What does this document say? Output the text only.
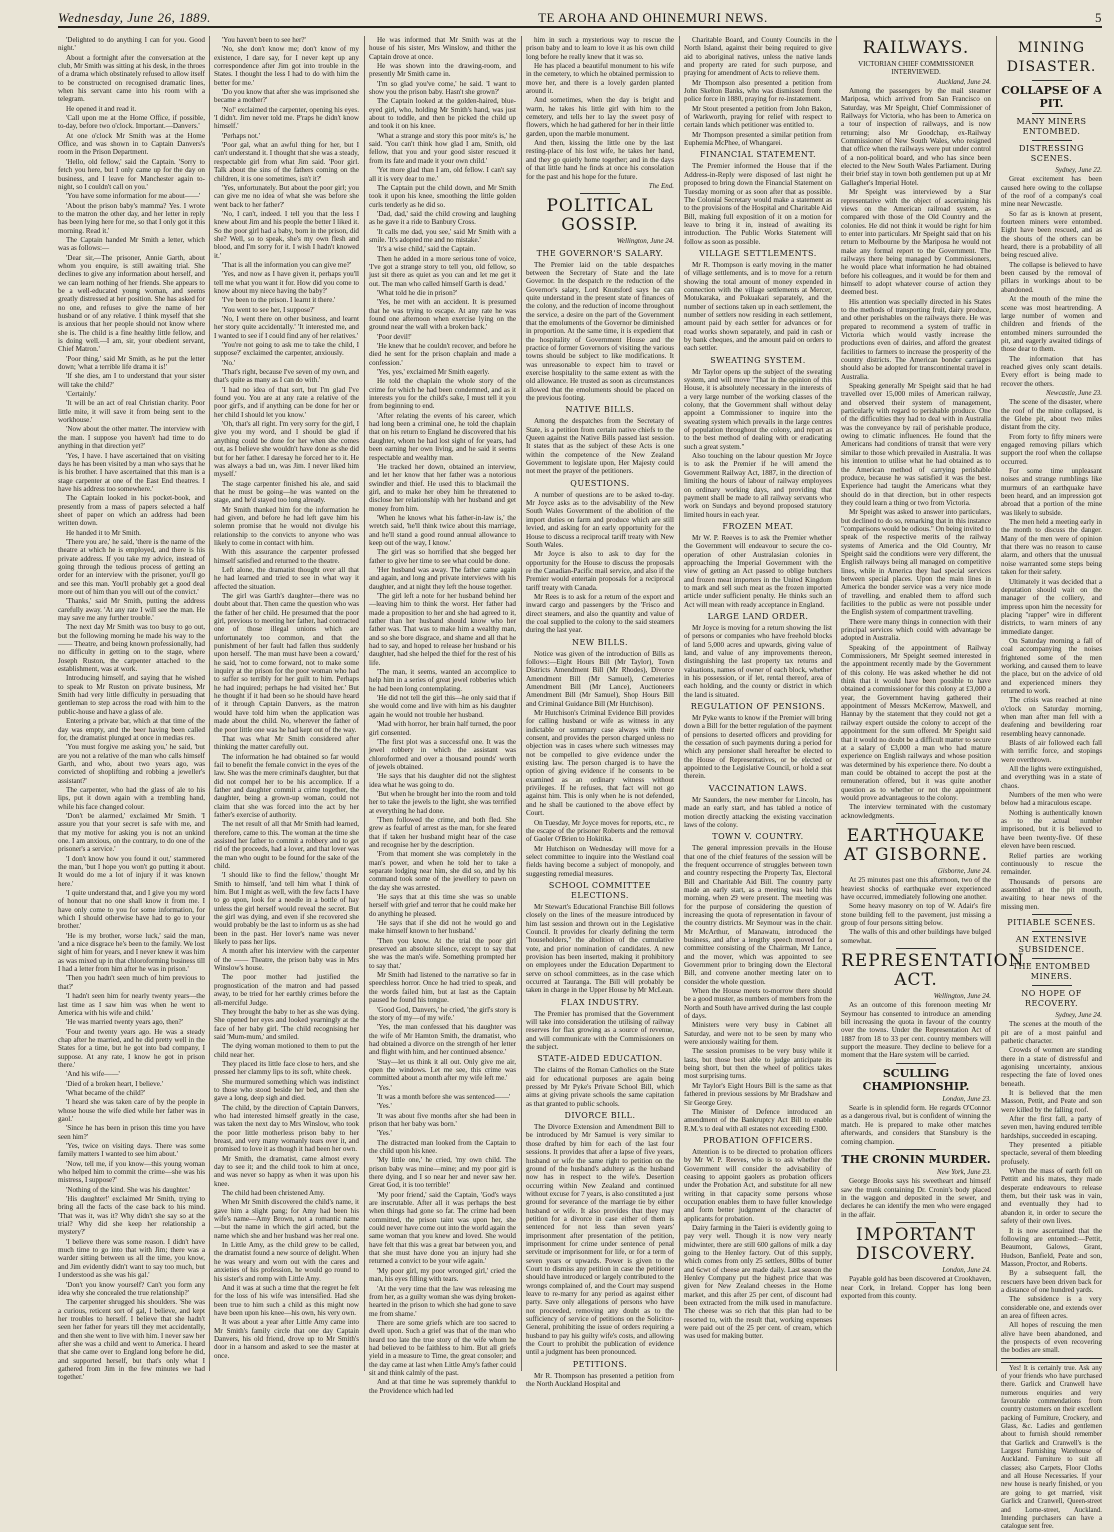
Wednesday, June 26, 1889.	TE AROHA AND OHINEMURI NEWS.	5

'Delighted to do anything I can for you. Good night.'

About a fortnight after the conversation at the club, Mr Smith was sitting at his desk, in the throes of a drama which obstinately refused to allow itself to be constructed on recognised dramatic lines, when his servant came into his room with a telegram.

He opened it and read it.

'Call upon me at the Home Office, if possible, to-day, before two o'clock. Important.—Danvers.'

At one o'clock Mr Smith was at the Home Office, and was shown in to Captain Danvers's room in the Prison Department.

'Hello, old fellow,' said the Captain. 'Sorry to fetch you here, but I only came up for the day on business, and I leave for Manchester again to-night, so I couldn't call on you.'

'You have some information for me about——'

'About the prison baby's mamma? Yes. I wrote to the matron the other day, and her letter in reply has been lying here for me, so that I only got it this morning. Read it.'

The Captain handed Mr Smith a letter, which was as follows:—

'Dear sir,—The prisoner, Annie Garth, about whom you enquire, is still awaiting trial. She declines to give any information about herself, and we can learn nothing of her friends. She appears to be a well-educated young woman, and seems greatly distressed at her position. She has asked for no one, and refuses to give the name of her husband or of any relative. I think myself that she is anxious that her people should not know where she is. The child is a fine healthy little fellow, and is doing well.—I am, sir, your obedient servant, Chief Matron.'

'Poor thing,' said Mr Smith, as he put the letter down; 'what a terrible life drama it is!'

'If she dies, am I to understand that your sister will take the child?'

'Certainly.'

'It will be an act of real Christian charity. Poor little mite, it will save it from being sent to the workhouse.'

'Now about the other matter. The interview with the man. I suppose you haven't had time to do anything in that direction yet?'

'Yes, I have. I have ascertained that on visiting days he has been visited by a man who says that he is his brother. I have ascertained that this man is a stage carpenter at one of the East End theatres. I have his address too somewhere.'

The Captain looked in his pocket-book, and presently from a mass of papers selected a half sheet of paper on which an address had been written down.

He handed it to Mr Smith.

'There you are,' he said, 'there is the name of the theatre at which he is employed, and there is his private address. If you take my advice, instead of going through the tedious process of getting an order for an interview with the prisoner, you'll go and see this man. You'll probably get a good deal more out of him than you will out of the convict.'

'Thanks,' said Mr Smith, putting the address carefully away. 'At any rate I will see the man. He may save me any further trouble.'

The next day Mr Smith was too busy to go out, but the following morning he made his way to the —— Theatre, and being known professionally, had no difficulty in getting on to the stage, where Joseph Ruston, the carpenter attached to the establishment, was at work.

Introducing himself, and saying that he wished to speak to Mr Ruston on private business, Mr Smith had very little difficulty in persuading that gentleman to step across the road with him to the public-house and have a glass of ale.

Entering a private bar, which at that time of the day was empty, and the beer having been called for, the dramatist plunged at once in medias res.

'You must forgive me asking you,' he said, 'but are you not a relative of the man who calls himself Garth, and who, about two years ago, was convicted of shoplifting and robbing a jeweller's assistant?'

The carpenter, who had the glass of ale to his lips, put it down again with a trembling hand, while his face changed colour.

'Don't be alarmed,' exclaimed Mr Smith. 'I assure you that your secret is safe with me, and that my motive for asking you is not an unkind one. I am anxious, on the contrary, to do one of the prisoner's a service.'

'I don't know how you found it out,' stammered the man, 'but I hope you won't go putting it about. It would do me a lot of injury if it was known here.'

'I quite understand that, and I give you my word of honour that no one shall know it from me. I have only come to you for some information, for which I should otherwise have had to go to your brother.'

'He is my brother, worse luck,' said the man, 'and a nice disgrace he's been to the family. We lost sight of him for years, and I never knew it was him as was mixed up in that chloroforming business till I had a letter from him after he was in prison.'

'Then you hadn't seen much of him previous to that?'

'I hadn't seen him for nearly twenty years—the last time as I saw him was when he went to America with his wife and child.'

'He was married twenty years ago, then?'

'Four and twenty years ago. He was a steady chap after he married, and he did pretty well in the States for a time, but he got into bad company, I suppose. At any rate, I know he got in prison there.'

'And his wife——'

'Died of a broken heart, I believe.'

'What became of the child?'

'I heard she was taken care of by the people in whose house the wife died while her father was in gaol.'

'Since he has been in prison this time you have seen him?'

'Yes, twice on visiting days. There was some family matters I wanted to see him about.'

'Now, tell me, if you know—this young woman who helped him to commit the crime—she was his mistress, I suppose?'

'Nothing of the kind. She was his daughter.'

'His daughter!' exclaimed Mr Smith, trying to bring all the facts of the case back to his mind. 'That was it, was it? Why didn't she say so at the trial? Why did she keep her relationship a mystery?'

'I believe there was some reason. I didn't have much time to go into that with Jim; there was a warder sitting between us all the time, you know, and Jim evidently didn't want to say too much, but I understood as she was his gal.'

'Don't you know yourself? Can't you form any idea why she concealed the true relationship?'

The carpenter shrugged his shoulders. 'She was a curious, reticent sort of gal, I believe, and kept her troubles to herself. I believe that she hadn't seen her father for years till they met accidentally, and then she went to live with him. I never saw her after she was a child and went to America. I heard that she came over to England long before he did, and supported herself, but that's only what I gathered from Jim in the few minutes we had together.'

'You haven't been to see her?'

'No, she don't know me; don't know of my existence, I dare say, for I never kept up any correspondence after Jim got into trouble in the States. I thought the less I had to do with him the better for me.'

'Do you know that after she was imprisoned she became a mother?'

'No!' exclaimed the carpenter, opening his eyes. 'I didn't. Jim never told me. P'raps he didn't know himself.'

'Perhaps not.'

'Poor gal, what an awful thing for her, but I can't understand it. I thought that she was a steady, respectable girl from what Jim said. 'Poor girl. Talk about the sins of the fathers coming on the children, it is one sometimes, isn't it?'

'Yes, unfortunately. But about the poor girl; you can give me no idea of what she was before she went back to her father?'

'No, I can't, indeed. I tell you that the less I knew about Jim and his people the better I liked it. So the poor girl had a baby, born in the prison, did she? Well, so to speak, she's my own flesh and blood, and I'm sorry for it. I wish I hadn't knowed it.'

'That is all the information you can give me?'

'Yes, and now as I have given it, perhaps you'll tell me what you want it for. How did you come to know about my niece having the baby?'

'I've been to the prison. I learnt it there.'

'You went to see her, I suppose?'

'No, I went there on other business, and learnt her story quite accidentally.' 'It interested me, and I wanted to see if I could find any of her relatives.'

'You're not going to ask me to take the child, I suppose?' exclaimed the carpenter, anxiously.

'No.'

'That's right, because I've seven of my own, and that's quite as many as I can do with.'

'I had no idea of that sort, but I'm glad I've found you. You are at any rate a relative of the poor girl's, and if anything can be done for her or her child I should let you know.'

'Oh, that's all right. I'm very sorry for the girl, I give you my word, and I should be glad if anything could be done for her when she comes out, as I believe she wouldn't have done as she did but for her father. I daresay he forced her to it. He was always a bad un, was Jim. I never liked him myself.'

The stage carpenter finished his ale, and said that he must be going—he was wanted on the stage, and he'd stayed too long already.

Mr Smith thanked him for the information he had given, and before he had left gave him his solemn promise that he would not divulge his relationship to the convicts to anyone who was likely to come in contact with him.

With this assurance the carpenter professed himself satisfied and returned to the theatre.

Left alone, the dramatist thought over all that he had learned and tried to see in what way it affected the situation.

The girl was Garth's daughter—there was no doubt about that. Then came the question who was the father of her child. He presumed that the poor girl, previous to meeting her father, had contracted one of those illegal unions which are unfortunately too common, and that the punishment of her fault had fallen thus suddenly upon herself. 'The man must have been a coward,' he said, 'not to come forward, not to make some inquiry at the prison for the poor woman who had to suffer so terribly for her guilt to him. Perhaps he had inquired; perhaps he had visited her.' But he thought if it had been so he should have heard of it through Captain Danvers, as the matron would have told him when the application was made about the child. No, wherever the father of the poor little one was he had kept out of the way.

That was what Mr Smith considered after thinking the matter carefully out.

The information he had obtained so far would fail to benefit the female convict in the eyes of the law. She was the mere criminal's daughter, but that did not compel her to be his accomplice. If a father and daughter commit a crime together, the daughter, being a grown-up woman, could not claim that she was forced into the act by her father's exercise of authority.

The net result of all that Mr Smith had learned, therefore, came to this. The woman at the time she assisted her father to commit a robbery and to get rid of the proceeds, had a lover, and that lover was the man who ought to be found for the sake of the child.

'I should like to find the fellow,' thought Mr Smith to himself, 'and tell him what I think of him. But I might as well, with the few facts I have to go upon, look for a needle in a bottle of hay unless the girl herself would reveal the secret. But the girl was dying, and even if she recovered she would probably be the last to inform us as she had been in the past. Her lover's name was never likely to pass her lips.

A month after his interview with the carpenter of the —— Theatre, the prison baby was in Mrs Winslow's house.

The poor mother had justified the prognostication of the matron and had passed away, to be tried for her earthly crimes before the all-merciful Judge.

They brought the baby to her as she was dying. She opened her eyes and looked yearningly at the face of her baby girl. 'The child recognising her said 'Mum-mum,' and smiled.

The dying woman motioned to them to put the child near her.

They placed its little face close to hers, and she pressed her clammy lips to its soft, white cheek.

She murmured something which was indistinct to those who stood beside her bed, and then she gave a long, deep sigh and died.

The child, by the direction of Captain Danvers, who had interested himself greatly in the case, was taken the next day to Mrs Winslow, who took the poor little motherless prison baby to her breast, and very many womanly tears over it, and promised to love it as though it had been her own.

Mr Smith, the dramatist, came almost every day to see it; and the child took to him at once, and was never so happy as when it was upon his knee.

The child had been christened Amy.

When Mr Smith discovered the child's name, it gave him a slight pang; for Amy had been his wife's name—Amy Brown, not a romantic name—but the name in which the girl acted, but the name which she and her husband was her real one.

In Little Amy, as the child grew to be called, the dramatist found a new source of delight. When he was weary and worn out with the cares and anxieties of his profession, he would go round to his sister's and romp with Little Amy.

And it was at such a time that the regret he felt for the loss of his wife was intensified. Had she been true to him such a child as this might now have been upon his knee—his own, his very own.

It was about a year after Little Amy came into Mr Smith's family circle that one day Captain Danvers, his old friend, drove up to Mr Smith's door in a hansom and asked to see the master at once.

He was informed that Mr Smith was at the house of his sister, Mrs Winslow, and thither the Captain drove at once.

He was shown into the drawing-room, and presently Mr Smith came in.

'I'm so glad you've come,' he said. 'I want to show you the prison baby. Hasn't she grown?'

The Captain looked at the golden-haired, blue-eyed girl, who, holding Mr Smith's hand, was just about to toddle, and then he picked the child up and took it on his knee.

'What a strange and story this poor mite's is,' he said. 'You can't think how glad I am, Smith, old fellow, that you and your good sister rescued it from its fate and made it your own child.'

'Yet more glad than I am, old fellow. I can't say all it is very dear to me.'

The Captain put the child down, and Mr Smith took it upon his knee, smoothing the little golden curls tenderly as he did so.

'Dad, dad,' said the child crowing and laughing as he gave it a ride to Banbury Cross.

'It calls me dad, you see,' said Mr Smith with a smile. 'It's adopted me and no mistake.'

'It's a wise child,' said the Captain.

Then he added in a more serious tone of voice, 'I've got a strange story to tell you, old fellow, so just sit there as quiet as you can and let me get it out. The man who called himself Garth is dead.'

'What told he die in prison?'

'Yes, he met with an accident. It is presumed that he was trying to escape. At any rate he was found one afternoon when exercise lying on the ground near the wall with a broken back.'

'Poor devil!'

'He knew that he couldn't recover, and before he died he sent for the prison chaplain and made a confession.'

'Yes, yes,' exclaimed Mr Smith eagerly.

He told the chaplain the whole story of the crime for which he had been condemned, and as it interests you for the child's sake, I must tell it you from beginning to end.

'After relating the events of his career, which had long been a criminal one, he told the chaplain that on his return to England he discovered that his daughter, whom he had lost sight of for years, had been earning her own living, and he said it seems respectable and wealthy man.

'He tracked her down, obtained an interview, and let her know that her father was a notorious swindler and thief. He used this to blackmail the girl, and to make her obey him he threatened to disclose her relationship with her husband and get money from him.

'When he knows what his father-in-law is,' the wretch said, 'he'll think twice about this marriage, and he'll stand a good round annual allowance to keep out of the way, I know.'

The girl was so horrified that she begged her father to give her time to see what could be done.

'Her husband was away. The father came again and again, and long and private interviews with his daughter, and at night they left the house together.

'The girl left a note for her husband behind her—leaving him to think the worst. Her father had made a proposition to her and she had agreed to it, rather than her husband should know who her father was. That was to make him a wealthy man, and so she bore disgrace, and shame and all that he had to say, and hoped to release her husband or his daughter, had she helped the thief for the rest of his life.

'The man, it seems, wanted an accomplice to help him in a series of great jewel robberies which he had been long contemplating.

'He did not tell the girl this—he only said that if she would come and live with him as his daughter again he would not trouble her husband.

'Mad with horror, her brain half turned, the poor girl consented.

'The first plot was a successful one. It was the jewel robbery in which the assistant was chloroformed and over a thousand pounds' worth of jewels obtained.

'He says that his daughter did not the slightest idea what he was going to do.

'But when he brought her into the room and told her to take the jewels to the light, she was terrified at everything he had done.

'Then followed the crime, and both fled. She grew as fearful of arrest as the man, for she feared that if taken her husband might hear of the case and recognise her by the description.

'From that moment she was completely in the man's power, and when he told her to take a separate lodging near him, she did so, and by his command took some of the jewellery to pawn on the day she was arrested.

'He says that at this time she was so unable herself with grief and terror that he could make her do anything he pleased.

'He says that if she did not he would go and make himself known to her husband.'

'Then you know. At the trial the poor girl preserved an absolute silence, except to say that she was the man's wife. Something prompted her to say that.'

Mr Smith had listened to the narrative so far in speechless horror. Once he had tried to speak, and the words failed him, but at last as the Captain paused he found his tongue.

'Good God, Danvers,' he cried, 'the girl's story is the story of my—of my wife.'

'Yes, the man confessed that his daughter was the wife of Mr Hamton Smith, the dramatist, who had obtained a divorce on the strength of her letter and flight with him, and her continued absence.'

'Stay—let us think it all out. Only give me air, open the windows. Let me see, this crime was committed about a month after my wife left me.'

'Yes.'

'It was a month before she was sentenced——'

'Yes.'

'It was about five months after she had been in prison that her baby was born.'

'Yes.'

The distracted man looked from the Captain to the child upon his knee.

'My little one,' he cried, 'my own child. The prison baby was mine—mine; and my poor girl is there dying, and I so near her and never saw her. Great God, it is too terrible!'

'My poor friend,' said the Captain, 'God's ways are inscrutable. After all it was perhaps the best when things had gone so far. The crime had been committed, the prison taint was upon her, she could never have come out into the world again the same woman that you knew and loved. She would have felt that this was a great bar between you, and that she must have done you an injury had she returned a convict to be your wife again.'

'My poor girl, my poor wronged girl,' cried the man, his eyes filling with tears.

'At the very time that the law was releasing me from her, as a guilty woman she was dying broken-hearted in the prison to which she had gone to save me from shame.'

There are some griefs which are too sacred to dwell upon. Such a grief was that of the man who heard too late the true story of the wife whom he had believed to be faithless to him. But all griefs yield in a measure to Time, the great consoler; and the day came at last when Little Amy's father could sit and think calmly of the past.

And at that time he was supremely thankful to the Providence which had led

him in such a mysterious way to rescue the prison baby and to learn to love it as his own child long before he really knew that it was so.

He has placed a beautiful monument to his wife in the cemetery, to which he obtained permission to move her, and there is a lovely garden planted around it.

And sometimes, when the day is bright and warm, he takes his little girl with him to the cemetery, and tells her to lay the sweet posy of flowers, which he had gathered for her in their little garden, upon the marble monument.

And then, kissing the little one by the last resting-place of his lost wife, he takes her hand, and they go quietly home together; and in the days of that little hand he finds at once his consolation for the past and his hope for the future.

The End.

POLITICAL GOSSIP.

Wellington, June 24.

THE GOVERNOR'S SALARY.

The Premier laid on the table despatches between the Secretary of State and the late Governor. In the despatch re the reduction of the Governor's salary, Lord Knutsford says he can quite understand in the present state of finances of the colony, and the reduction of income throughout the service, a desire on the part of the Government that the emoluments of the Governor be diminished in proportion. At the same time, it is expedient that the hospitality of Government House and the practice of former Governors of visiting the various towns should be subject to like modifications. It was unreasonable to expect him to travel or exercise hospitality to the same extent as with the old allowance. He trusted as soon as circumstances allowed that the emoluments should be placed on the previous footing.

NATIVE BILLS.

Among the despatches from the Secretary of State, is a petition from certain native chiefs to the Queen against the Native Bills passed last session. It states that as the subject of these Acts is one within the competence of the New Zealand Government to legislate upon, Her Majesty could not meet the prayer of the petitioners.

QUESTIONS.

A number of questions are to be asked to-day. Mr Joyce asks as to the advisability of the New South Wales Government of the abolition of the import duties on farm and produce which are still levied, and asking for an early opportunity for the House to discuss a reciprocal tariff treaty with New South Wales.

Mr Joyce is also to ask to day for the opportunity for the House to discuss the proposals re the Canadian-Pacific mail service, and also if the Premier would entertain proposals for a reciprocal tariff treaty with Canada.

Mr Rees is to ask for a return of the export and inward cargo and passengers by the 'Frisco and direct steamers, and also the quantity and value of the coal supplied to the colony to the said steamers during the last year.

NEW BILLS.

Notice was given of the introduction of Bills as follows:—Eight Hours Bill (Mr Taylor), Town Districts Amendment Bill (Mr Rhodes), Divorce Amendment Bill (Mr Samuel), Cemeteries Amendment Bill (Mr Lance), Auctioneers Amendment Bill (Mr Samuel), Shop Hours Bill and Criminal Guidance Bill (Mr Hutchison).

Mr Hutchison's Criminal Evidence Bill provides for calling husband or wife as witness in any indictable or summary case always with their consent, and provides the person charged unless no objection was in cases where such witnesses may not be compelled to give evidence under the existing law. The person charged is to have the option of giving evidence if he consents to be examined as an ordinary witness without privileges. If he refuses, that fact will not go against him. This is only when he is not defended, and he shall be cautioned to the above effect by Court.

On Tuesday, Mr Joyce moves for reports, etc., re the escape of the prisoner Roberts and the removal of Gaoler O'Brien to Hokitika.

Mr Hutchison on Wednesday will move for a select committee to inquire into the Westland coal fields having become a subject of monopoly, and suggesting remedial measures.

SCHOOL COMMITTEE ELECTIONS.

Mr Stewart's Educational Franchise Bill follows closely on the lines of the measure introduced by him last session and thrown out in the Legislative Council. It provides for clearly defining the term "householders," the abolition of the cumulative vote, and prior nomination of candidates. A new provision has been inserted, making it prohibitory on employees under the Education Department to serve on school committees, as in the case which occurred at Tauranga. The Bill will probably be taken in charge in the Upper House by Mr McLean.

FLAX INDUSTRY.

The Premier has promised that the Government will take into consideration the utilising of railway reserves for flax growing as a source of revenue, and will communicate with the Commissioners on the subject.

STATE-AIDED EDUCATION.

The claims of the Roman Catholics on the State aid for educational purposes are again being pressed by Mr Pyke's Private School Bill, which aims at giving private schools the same capitation as that granted to public schools.

DIVORCE BILL.

The Divorce Extension and Amendment Bill to be introduced by Mr Samuel is very similar to those drafted by him for each of the last four sessions. It provides that after a lapse of five years, husband or wife the same right to petition on the ground of the husband's adultery as the husband now has in respect to the wife's. Desertion occurring within New Zealand and continued without excuse for 7 years, is also constituted a just ground for severance of the marriage tie by either husband or wife. It also provides that they may petition for a divorce in case either of them is sentenced for not less than seven years' imprisonment after presentation of the petition, imprisonment for crime under sentence of penal servitude or imprisonment for life, or for a term of seven years or upwards. Power is given to the Court to dismiss any petition in case the petitioner should have introduced or largely contributed to the wrongs complained of, and the Court may suspend leave to re-marry for any period as against either party. Save only allegations of persons who have not proceeded, removing any doubt as to the sufficiency of service of petitions on the Solicitor-General, prohibiting the issue of orders requiring a husband to pay his guilty wife's costs, and allowing the Court to prohibit the publication of evidence until a judgment has been pronounced.

PETITIONS.

Mr R. Thompson has presented a petition from the North Auckland Hospital and

Charitable Board, and County Councils in the North Island, against their being required to give aid to aboriginal natives, unless the native lands and property are rated for such purpose, and praying for amendment of Acts to relieve them.

Mr Thompson also presented a petition from John Skelton Banks, who was dismissed from the police force in 1880, praying for re-instatement.

Mr Stout presented a petition from John Bakon, of Warkworth, praying for relief with respect to certain lands which petitioner was entitled to.

Mr Thompson presented a similar petition from Euphemia McPhee, of Whangarei.

FINANCIAL STATEMENT.

The Premier informed the House that if the Address-in-Reply were disposed of last night he proposed to bring down the Financial Statement on Tuesday morning or as soon after that as possible. The Colonial Secretary would make a statement as to the provisions of the Hospital and Charitable Aid Bill, making full exposition of it on a motion for leave to bring it in, instead of awaiting its introduction. The Public Works Statement will follow as soon as possible.

VILLAGE SETTLEMENTS.

Mr R. Thompson is early moving in the matter of village settlements, and is to move for a return showing the total amount of money expended in connection with the village settlements at Mercer, Motukaraka, and Pokuakari separately, and the number of sections taken up in each settlement, the number of settlers now residing in each settlement, amount paid by each settler for advances or for road works shown separately, and paid in cash or by bank cheques, and the amount paid on orders to each settler.

SWEATING SYSTEM.

Mr Taylor opens up the subject of the sweating system, and will move "That in the opinion of this House, it is absolutely necessary in the interests of a very large number of the working classes of the colony, that the Government shall without delay appoint a Commissioner to inquire into the sweating system which prevails in the large centres of population throughout the colony, and report as to the best method of dealing with or eradicating such a great system."

Also touching on the labour question Mr Joyce is to ask the Premier if he will amend the Government Railway Act, 1887, in the direction of limiting the hours of labour of railway employees on ordinary working days, and providing that payment shall be made to all railway servants who work on Sundays and beyond proposed statutory limited hours in each year.

FROZEN MEAT.

Mr W. P. Reeves is to ask the Premier whether the Government will endeavour to secure the co-operation of other Australasian colonies in approaching the Imperial Government with the view of getting an Act passed to oblige butchers and frozen meat importers in the United Kingdom to mark and sell such meat as the frozen imported article under sufficient penalty. He thinks such an Act will mean with ready acceptance in England.

LARGE LAND ORDER.

Mr Joyce is moving for a return showing the list of persons or companies who have freehold blocks of land 5,000 acres and upwards, giving value of land, and value of any improvements thereon, distinguishing the last property tax returns and valuations, names of owner of each block, whether in his possession, or if let, rental thereof, area of each holding, and the county or district in which the land is situated.

REGULATION OF PENSIONS.

Mr Pyke wants to know if the Premier will bring down a Bill for the better regulation of the payment of pensions to deserted officers and providing for the cessation of such payments during a period for which any pensioner shall hereafter be elected to the House of Representatives, or be elected or appointed to the Legislative Council, or hold a seat therein.

VACCINATION LAWS.

Mr Saunders, the new member for Lincoln, has made an early start, and has tabled a notice of motion directly attacking the existing vaccination laws of the colony.

TOWN V. COUNTRY.

The general impression prevails in the House that one of the chief features of the session will be the frequent occurrence of struggles between town and country respecting the Property Tax, Electoral Bill and Charitable Aid Bill. The country party made an early start, as a meeting was held this morning, when 29 were present. The meeting was for the purpose of considering the question of increasing the quota of representation in favour of the country districts. Mr Seymour was in the chair. Mr McArthur, of Manawatu, introduced the business, and after a lengthy speech moved for a committee consisting of the Chairman, Mr Lance, and the mover, which was appointed to see Government prior to bringing down the Electoral Bill, and convene another meeting later on to consider the whole question.

When the House meets to-morrow there should be a good muster, as numbers of members from the North and South have arrived during the last couple of days.

Ministers were very busy in Cabinet all Saturday, and were not to be seen by many who were anxiously waiting for them.

The session promises to be very busy while it lasts, but those best able to judge anticipate its being short, but then the wheel of politics takes most surprising turns.

Mr Taylor's Eight Hours Bill is the same as that fathered in previous sessions by Mr Bradshaw and Sir George Grey.

The Minister of Defence introduced an amendment of the Bankruptcy Act Bill to enable R.M.'s to deal with all estates not exceeding £300.

PROBATION OFFICERS.

Attention is to be directed to probation officers by Mr W. P. Reeves, who is to ask whether the Government will consider the advisability of ceasing to appoint gaolers as probation officers under the Probation Act, and substitute for all new writing in that capacity some persons whose occupation enables them to have fuller knowledge and form better judgment of the character of applicants for probation.

Dairy farming in the Taieri is evidently going to pay very well. Though it is now very nearly midwinter, there are still 600 gallons of milk a day going to the Henley factory. Out of this supply, which comes from only 25 settlers, 80lbs of butter and 6cwt of cheese are made daily. Last season the Henley Company put the highest price that was given for New Zealand cheeses in the Home market, and this after 25 per cent, of discount had been extracted from the milk used in manufacture. The cheese was so rich that this plan had to be resorted to, with the result that, working expenses were paid out of the 25 per cent. of cream, which was used for making butter.

RAILWAYS.

VICTORIAN CHIEF COMMISSIONER INTERVIEWED.

Auckland, June 24.

Among the passengers by the mail steamer Mariposa, which arrived from San Francisco on Saturday, was Mr Speight, Chief Commissioner of Railways for Victoria, who has been to America on a tour of inspection of railways, and is now returning; also Mr Goodchap, ex-Railway Commissioner of New South Wales, who resigned that office when the railways were put under control of a non-political board, and who has since been elected to the New South Wales Parliament. During their brief stay in town both gentlemen put up at Mr Gallagher's Imperial Hotel.

Mr Speight was interviewed by a Star representative with the object of ascertaining his views on the American railroad system, as compared with those of the Old Country and the colonies. He did not think it would be right for him to enter into particulars. Mr Speight said that on his return to Melbourne by the Mariposa he would not make any formal report to the Government. The railways there being managed by Commissioners, he would place what information he had obtained before his colleagues, and it would be for them and himself to adopt whatever course of action they deemed best.

His attention was specially directed in his States to the methods of transporting fruit, dairy produce, and other perishables on the railways there. He was prepared to recommend a system of traffic in Victoria which would vastly increase the productions even of dairies, and afford the greatest facilities to farmers to increase the prosperity of the country districts. The American bonder carriages should also be adopted for transcontinental travel in Australia.

Speaking generally Mr Speight said that he had travelled over 15,000 miles of American railway, and observed their system of management, particularly with regard to perishable produce. One of the difficulties they had to deal with in Australia was the conveyance by rail of perishable produce, owing to climatic influences. He found that the Americans had conditions of transit that were very similar to those which prevailed in Australia. It was his intention to utilise what he had obtained as to the American method of carrying perishable produce, because he was satisfied it was the best. Experience had taught the Americans what they should do in that direction, but in other respects they could learn a thing or two from Victoria.

Mr Speight was asked to answer into particulars, but declined to do so, remarking that in this instance "comparisons would be odious." On being invited to speak of the respective merits of the railway systems of America and the Old Country, Mr Speight said the conditions were very different, the English railways being all managed on competitive lines, while in America they had special services between special places. Upon the main lines in America the bonder service was a very nice mode of travelling, and enabled them to afford such facilities to the public as were not possible under the English system of compartment travelling.

There were many things in connection with their principal services which could with advantage be adopted in Australia.

Speaking of the appointment of Railway Commissioners, Mr Speight seemed interested in the appointment recently made by the Government of this colony. He was asked whether he did not think that it would have been possible to have obtained a commissioner for this colony at £3,000 a year, the Government having gathered their appointment of Messrs McKerrow, Maxwell, and Hannay by the statement that they could not get a railway expert outside the colony to accept of the appointment for the sum offered. Mr Speight said that it would no doubt be a difficult matter to secure at a salary of £3,000 a man who had mature experience on English railways and whose position was determined by his experience there. No doubt a man could be obtained to accept the post at the remuneration offered, but it was quite another question as to whether or not the appointment would prove advantageous to the colony.

The interview terminated with the customary acknowledgments.

EARTHQUAKE AT GISBORNE.

Gisborne, June 24.

At 25 minutes past one this afternoon, two of the heaviest shocks of earthquake ever experienced have occurred, immediately following one another.

Some heavy masonry on top of W. Adair's fire stone building fell to the pavement, just missing a group of four persons sitting below.

The walls of this and other buildings have bulged somewhat.

REPRESENTATION ACT.

Wellington, June 24.

As an outcome of this forenoon meeting Mr Seymour has consented to introduce an amending bill increasing the quota in favour of the country over the towns. Under the Representation Act of 1887 from 18 to 33 per cent. country members will support the measure. They decline to believe for a moment that the Hare system will be carried.

SCULLING CHAMPIONSHIP.

London, June 23.

Searle is in splendid form. He regards O'Connor as a dangerous rival, but is confident of winning the match. He is prepared to make other matches afterwards, and considers that Stansbury is the coming champion.

THE CRONIN MURDER.

New York, June 23.

George Brooks says his sweetheart and himself saw the trunk containing Dr. Cronin's body placed in the waggon and deposited in the sewer, and declares he can identify the men who were engaged in the affair.

IMPORTANT DISCOVERY.

London, June 24.

Payable gold has been discovered at Crookhaven, near Cork, in Ireland. Copper has long been exported from this county.

MINING DISASTER.

COLLAPSE OF A PIT.

MANY MINERS ENTOMBED.

DISTRESSING SCENES.

Sydney, June 22.

Great excitement has been caused here owing to the collapse of the roof of a company's coal mine near Newcastle.

So far as is known at present, fourteen miners were entombed. Eight have been rescued, and as the shouts of the others can be heard, there is a probability of all being rescued alive.

The collapse is believed to have been caused by the removal of pillars in workings about to be abandoned.

At the mouth of the mine the scene was most heartrending. A large number of women and children and friends of the entombed miners surrounded the pit, and eagerly awaited tidings of those dear to them.

The information that has reached gives only scant details. Every effort is being made to recover the others.

Newcastle, June 23.

The scene of the disaster, where the roof of the mine collapsed, is the Glebe pit, about two miles distant from the city.

From forty to fifty miners were engaged removing pillars which support the roof when the collapse occurred.

For some time unpleasant noises and strange rumblings like murmurs of an earthquake have been heard, and an impression got abroad that a portion of the mine was likely to subside.

The men held a meeting early in the month to discuss the danger. Many of the men were of opinion that there was no reason to cause alarm, and others that the unusual noise warranted some steps being taken for their safety.

Ultimately it was decided that a deputation should wait on the manager of the colliery, and impress upon him the necessity for placing "rapper" wire in different districts, to warn miners of any immediate danger.

On Saturday morning a fall of coal accompanying the noises frightened some of the men working, and caused them to leave the place, but on the advice of old and experienced miners they returned to work.

The crisis was reached at nine o'clock on Saturday morning, when man after man fell with a deafening and bewildering roar resembling heavy cannonade.

Blasts of air followed each fall with terrific force, and stopings were overthrown.

All the lights were extinguished, and everything was in a state of chaos.

Numbers of the men who were below had a miraculous escape.

Nothing is authentically known as to the actual number imprisoned, but it is believed to have been twenty-five. Of these eleven have been rescued.

Relief parties are working continuously to rescue the remainder.

Thousands of persons are assembled at the pit mouth, awaiting to hear news of the missing men.

PITIABLE SCENES.

AN EXTENSIVE SUBSIDENCE.

THE ENTOMBED MINERS.

NO HOPE OF RECOVERY.

Sydney, June 24.

The scenes at the mouth of the pit are of a most painful and pathetic character.

Crowds of women are standing there in a state of distressful and agonising uncertainty, anxious respecting the fate of loved ones beneath.

It is believed that the men Masson, Pettit, and Peate and son were killed by the falling roof.

After the first fall, a party of seven men, having endured terrible hardships, succeeded in escaping.

They presented a pitiable spectacle, several of them bleeding profusely.

When the mass of earth fell on Pettitt and his mates, they made desperate endeavours to release them, but their task was in vain, and eventually they had to abandon it, in order to secure the safety of their own lives.

It is now ascertained that the following are entombed:—Pettit, Beaumont, Galows, Grant, Hudson, Banfield, Peate and son, Masson, Proctor, and Roberts.

By a subsequent fall, the rescuers have been driven back for a distance of one hundred yards.

The subsidence is a very considerable one, and extends over an area of fifteen acres.

All hopes of rescuing the men alive have been abandoned, and the prospects of even recovering the bodies are small.

Yes! It is certainly true. Ask any of your friends who have purchased there. Garlick and Cranwell have numerous enquiries and very favourable commendations from country customers on their excellent packing of Furniture, Crockery, and Glass, &c. Ladies and gentlemen about to furnish should remember that Garlick and Cranwell's is the Largest Furnishing Warehouse of Auckland. Furniture to suit all classes; also Carpets, Floor Cloths and all House Necessaries. If your new house is nearly finished, or you are going to get married, visit Garlick and Cranwell, Queen-street and Lorne-street, Auckland. Intending purchasers can have a catalogue sent free.
